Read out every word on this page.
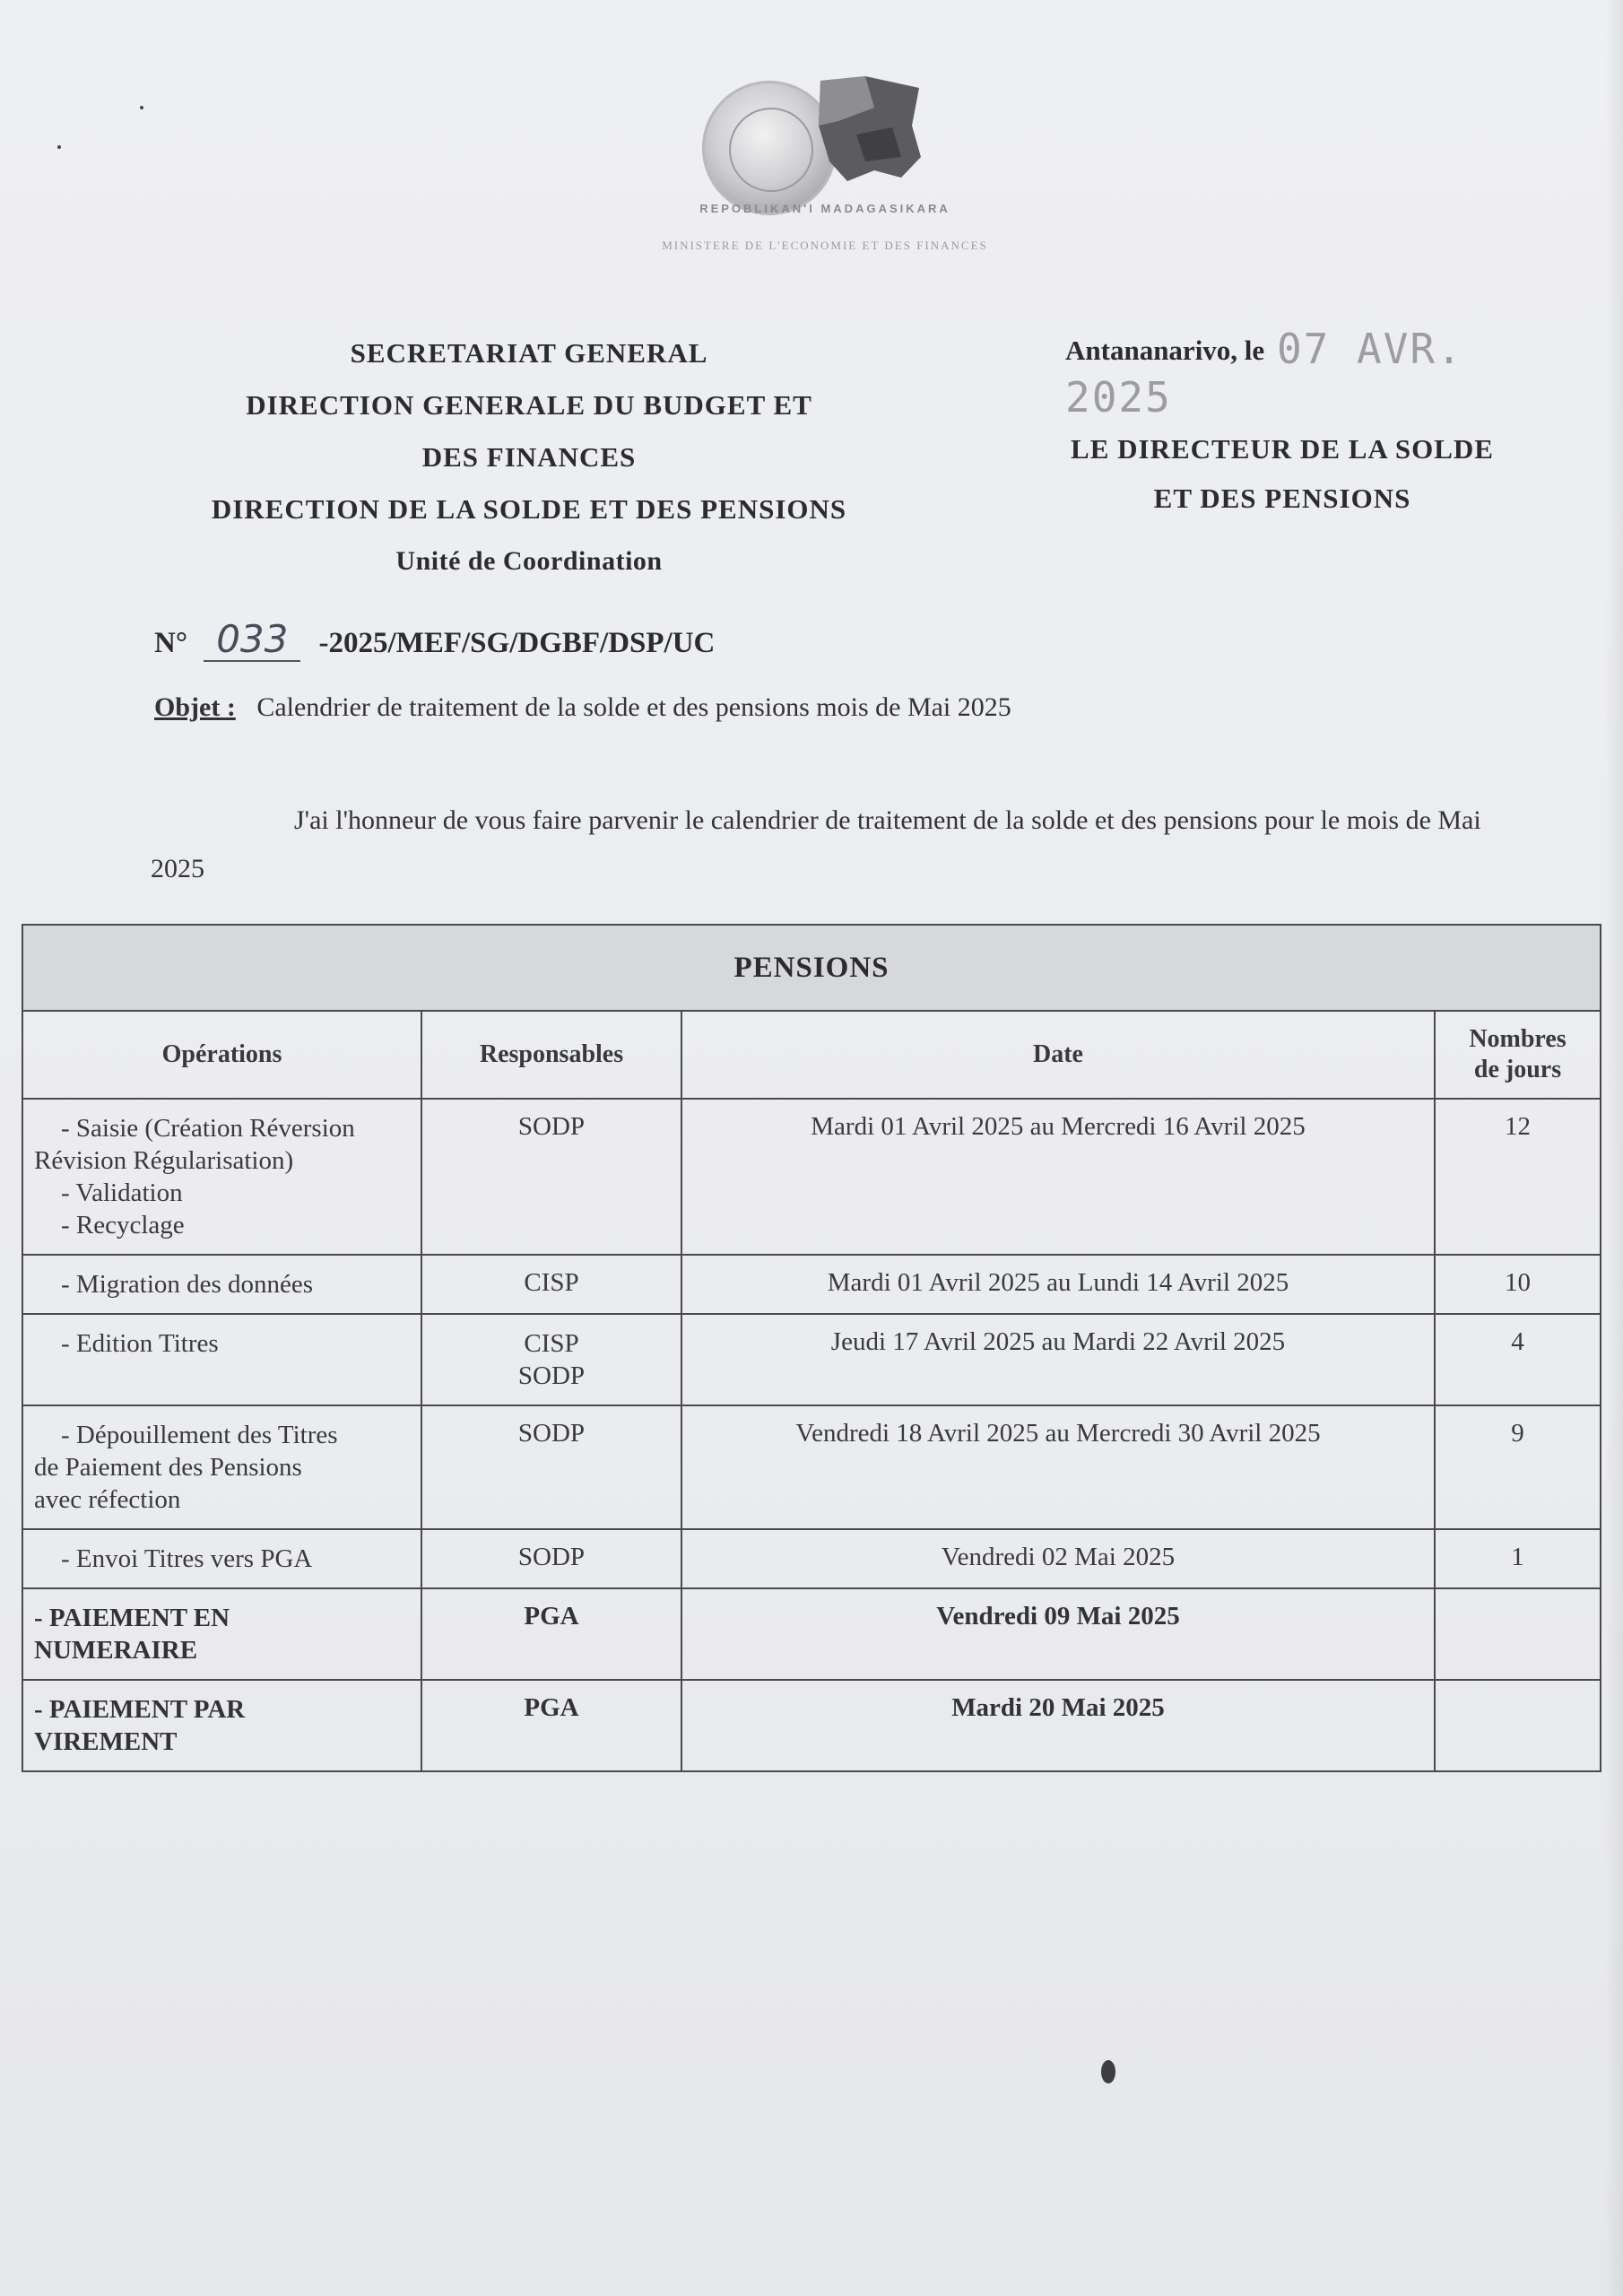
REPOBLIKAN'I MADAGASIKARA
MINISTERE DE L'ECONOMIE ET DES FINANCES
SECRETARIAT GENERAL
DIRECTION GENERALE DU BUDGET ET
DES FINANCES
DIRECTION DE LA SOLDE ET DES PENSIONS
Unité de Coordination
Antananarivo, le 07 AVR. 2025
LE DIRECTEUR DE LA SOLDE
ET DES PENSIONS
N° 033 -2025/MEF/SG/DGBF/DSP/UC
Objet : Calendrier de traitement de la solde et des pensions mois de Mai 2025
J'ai l'honneur de vous faire parvenir le calendrier de traitement de la solde et des pensions pour le mois de Mai 2025
PENSIONS			
Opérations	Responsables	Date	Nombres
de jours

- Saisie (Création Réversion
Révision Régularisation)
- Validation
- Recyclage	SODP	Mardi 01 Avril 2025 au Mercredi 16 Avril 2025	12

- Migration des données	CISP	Mardi 01 Avril 2025 au Lundi 14 Avril 2025	10

- Edition Titres	CISP
SODP	Jeudi 17 Avril 2025 au Mardi 22 Avril 2025	4

- Dépouillement des Titres
de Paiement des Pensions
avec réfection	SODP	Vendredi 18 Avril 2025 au Mercredi 30 Avril 2025	9

- Envoi Titres vers PGA	SODP	Vendredi 02 Mai 2025	1

- PAIEMENT EN
NUMERAIRE	PGA	Vendredi 09 Mai 2025	

- PAIEMENT PAR
VIREMENT	PGA	Mardi 20 Mai 2025	
